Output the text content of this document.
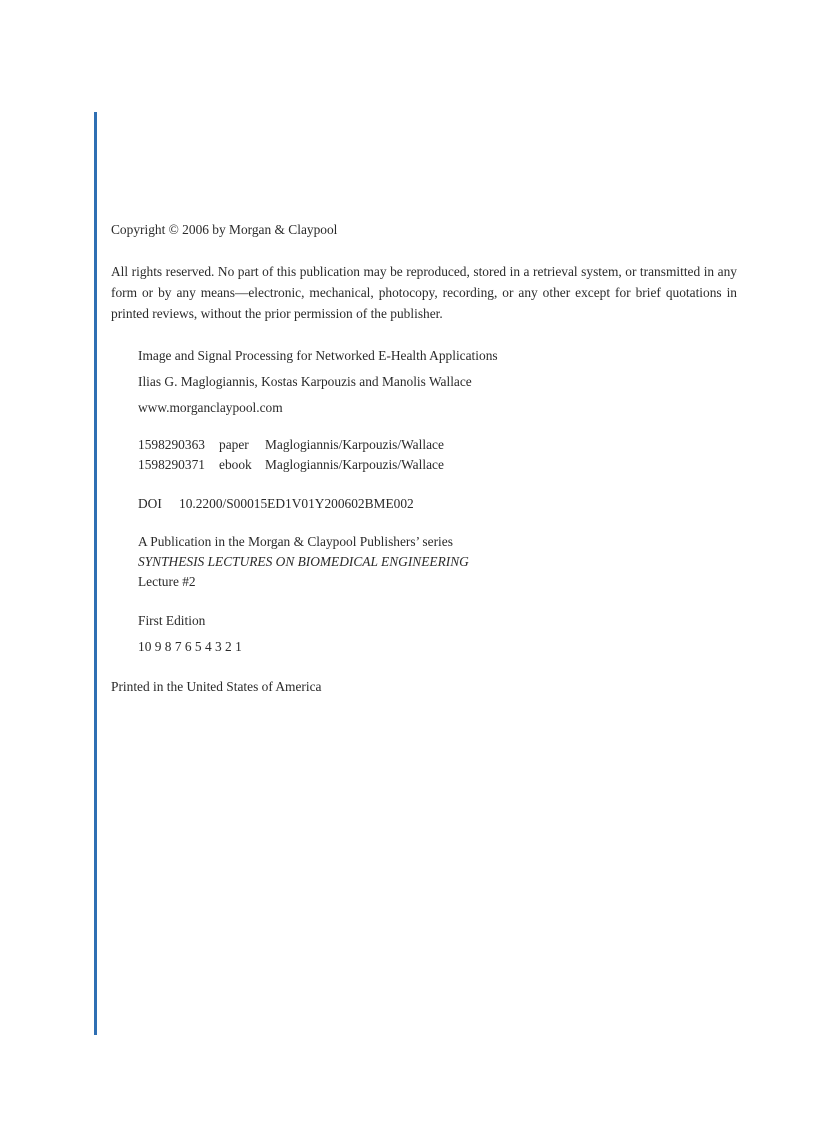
Copyright © 2006 by Morgan & Claypool

All rights reserved. No part of this publication may be reproduced, stored in a retrieval system, or transmitted in any form or by any means—electronic, mechanical, photocopy, recording, or any other except for brief quotations in printed reviews, without the prior permission of the publisher.

Image and Signal Processing for Networked E-Health Applications

Ilias G. Maglogiannis, Kostas Karpouzis and Manolis Wallace

www.morganclaypool.com

1598290363	paper	Maglogiannis/Karpouzis/Wallace
1598290371	ebook Maglogiannis/Karpouzis/Wallace

DOI 10.2200/S00015ED1V01Y200602BME002

A Publication in the Morgan & Claypool Publishers’ series

SYNTHESIS LECTURES ON BIOMEDICAL ENGINEERING

Lecture #2

First Edition

10 9 8 7 6 5 4 3 2 1

Printed in the United States of America
